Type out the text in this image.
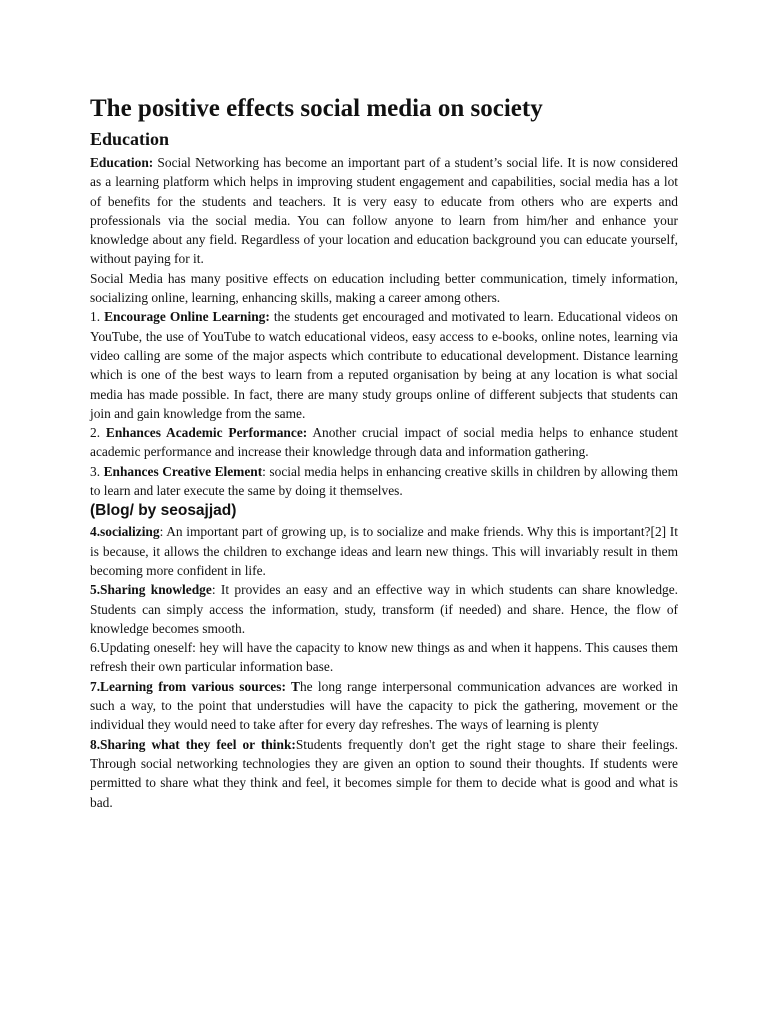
The positive effects social media on society
Education

Education: Social Networking has become an important part of a student’s social life. It is now considered as a learning platform which helps in improving student engagement and capabilities, social media has a lot of benefits for the students and teachers. It is very easy to educate from others who are experts and professionals via the social media. You can follow anyone to learn from him/her and enhance your knowledge about any field. Regardless of your location and education background you can educate yourself, without paying for it.

Social Media has many positive effects on education including better communication, timely information, socializing online, learning, enhancing skills, making a career among others.

1. Encourage Online Learning: the students get encouraged and motivated to learn. Educational videos on YouTube, the use of YouTube to watch educational videos, easy access to e-books, online notes, learning via video calling are some of the major aspects which contribute to educational development. Distance learning which is one of the best ways to learn from a reputed organisation by being at any location is what social media has made possible. In fact, there are many study groups online of different subjects that students can join and gain knowledge from the same.

2. Enhances Academic Performance: Another crucial impact of social media helps to enhance student academic performance and increase their knowledge through data and information gathering.

3. Enhances Creative Element: social media helps in enhancing creative skills in children by allowing them to learn and later execute the same by doing it themselves.

(Blog/ by seosajjad)

4.socializing: An important part of growing up, is to socialize and make friends. Why this is important?[2] It is because, it allows the children to exchange ideas and learn new things. This will invariably result in them becoming more confident in life.

5.Sharing knowledge: It provides an easy and an effective way in which students can share knowledge. Students can simply access the information, study, transform (if needed) and share. Hence, the flow of knowledge becomes smooth.

6.Updating oneself: hey will have the capacity to know new things as and when it happens. This causes them refresh their own particular information base.

7.Learning from various sources: The long range interpersonal communication advances are worked in such a way, to the point that understudies will have the capacity to pick the gathering, movement or the individual they would need to take after for every day refreshes. The ways of learning is plenty

8.Sharing what they feel or think:Students frequently don't get the right stage to share their feelings. Through social networking technologies they are given an option to sound their thoughts. If students were permitted to share what they think and feel, it becomes simple for them to decide what is good and what is bad.
